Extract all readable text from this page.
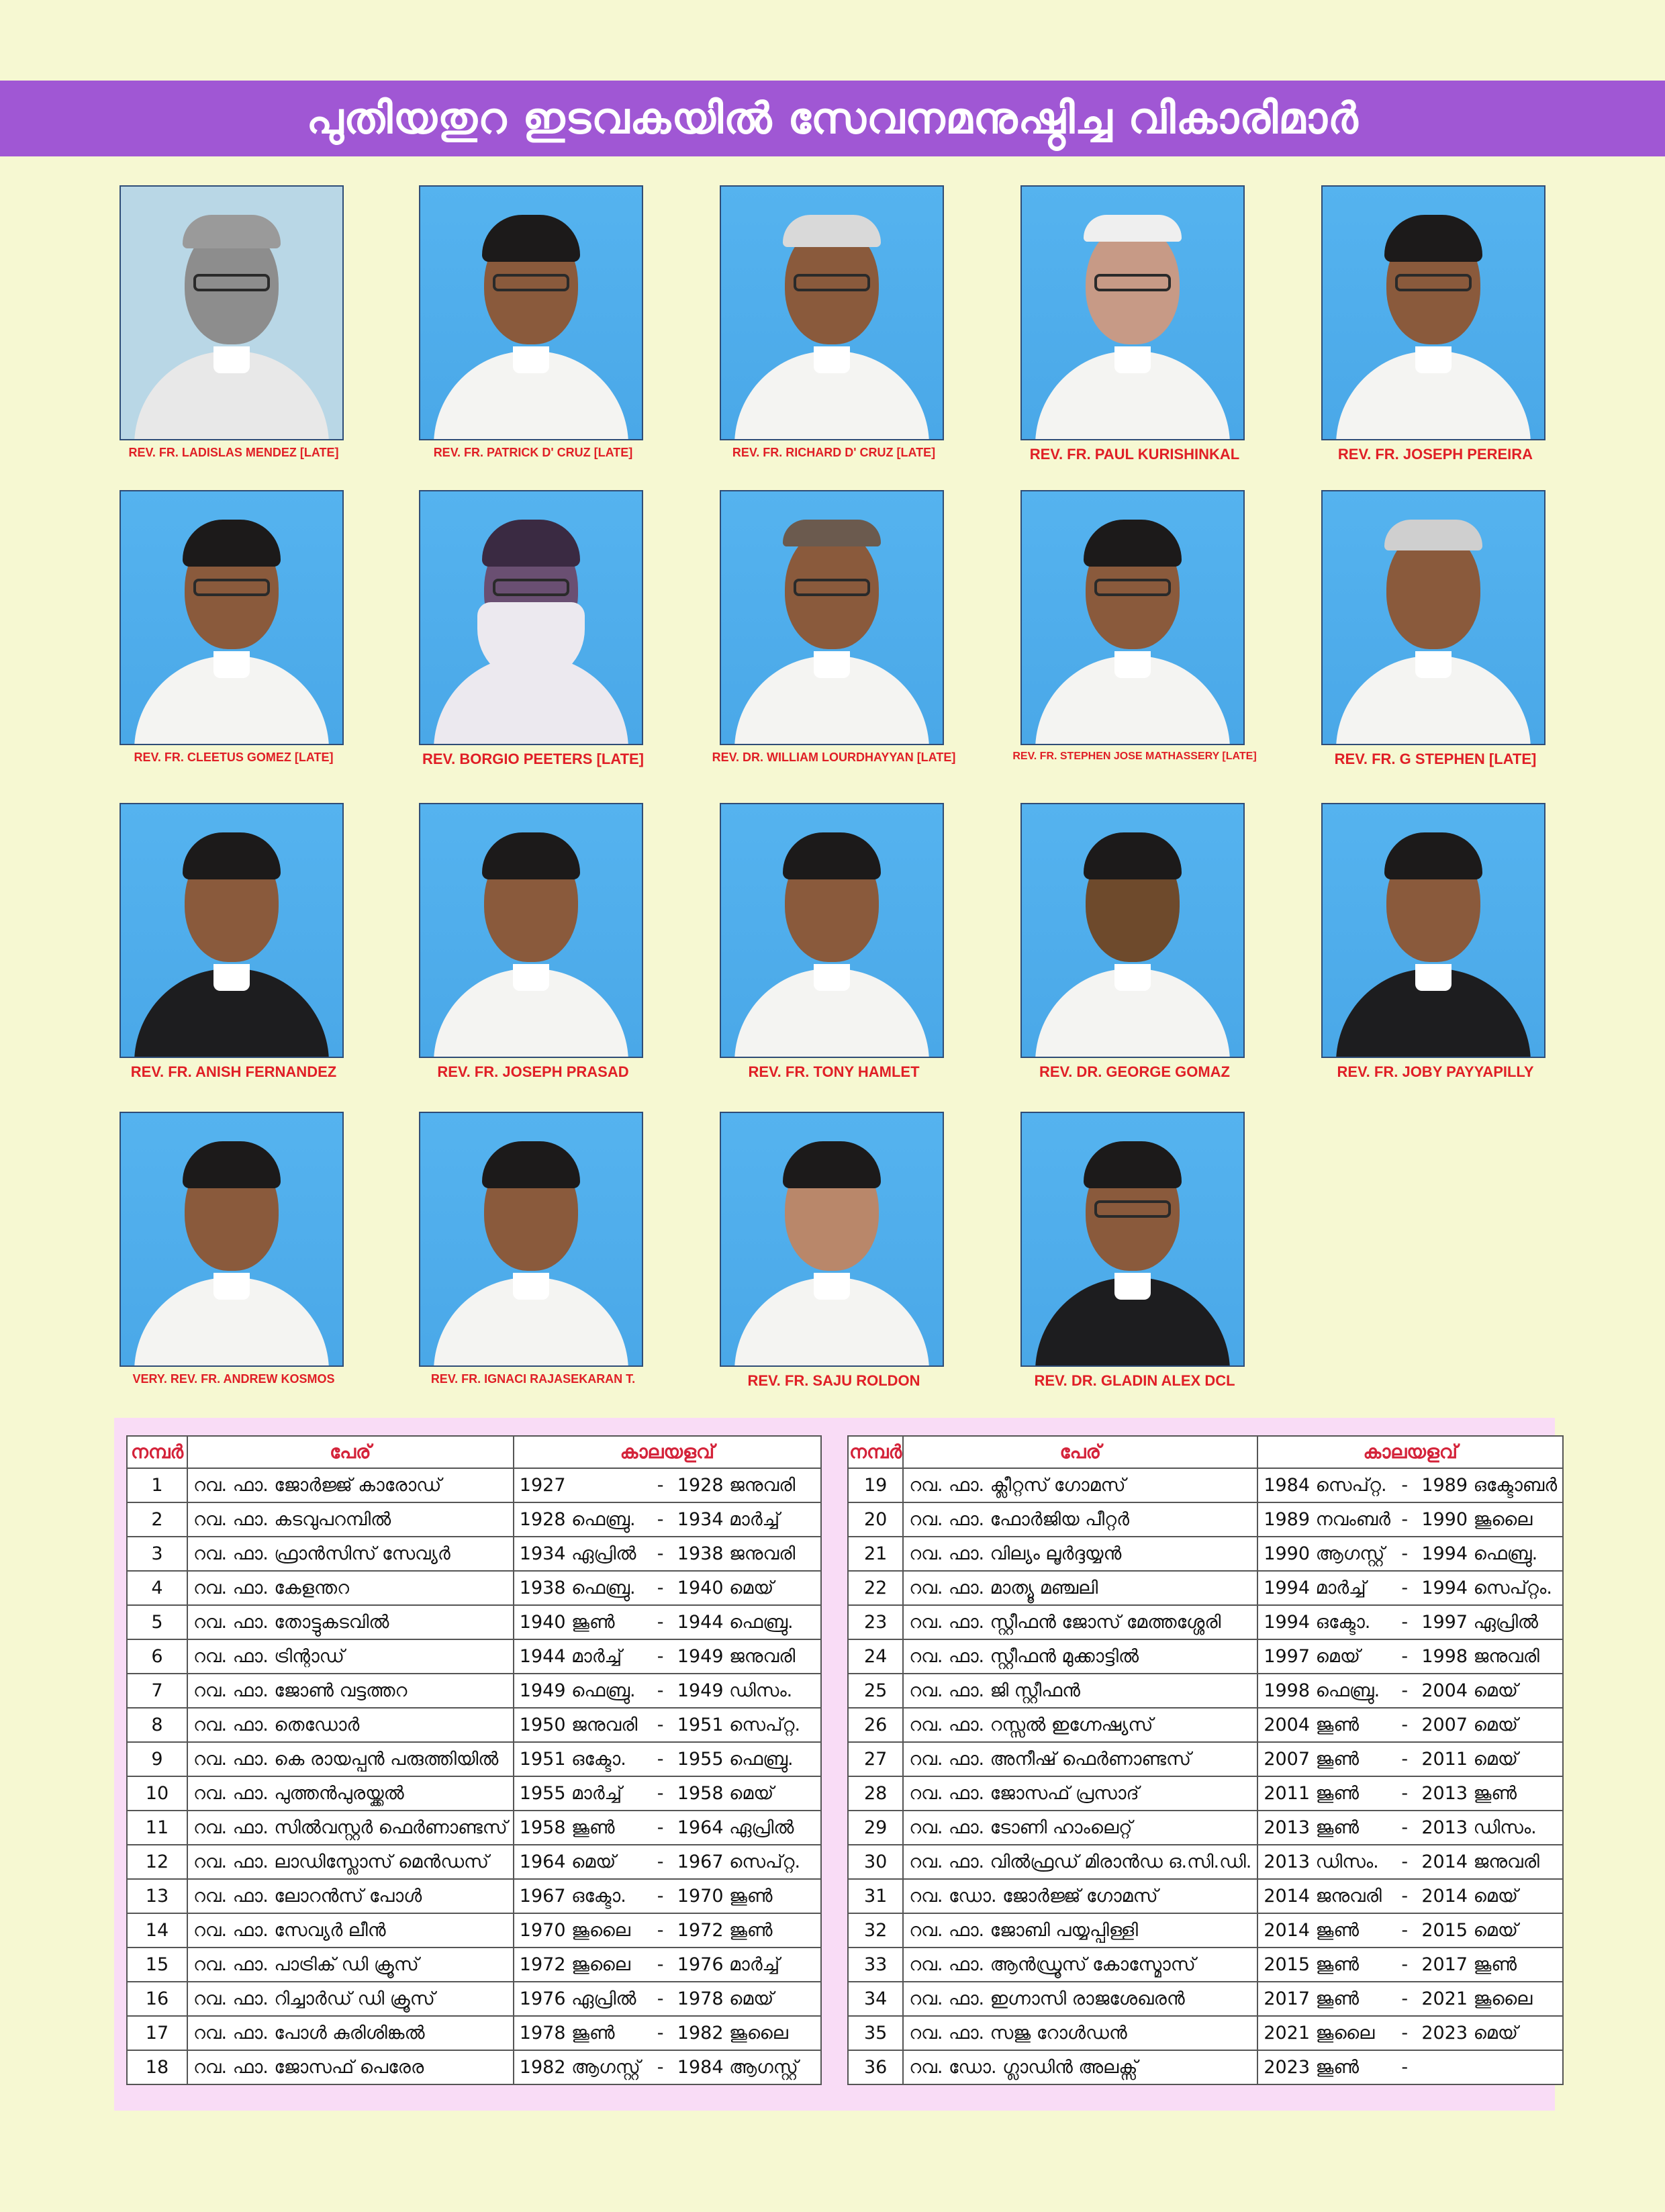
പുതിയതുറ ഇടവകയിൽ സേവനമനുഷ്ഠിച്ച വികാരിമാർ
REV. FR. LADISLAS MENDEZ [LATE]	REV. FR. PATRICK D' CRUZ [LATE]	REV. FR. RICHARD D' CRUZ [LATE]	REV. FR. PAUL KURISHINKAL	REV. FR. JOSEPH PEREIRA
REV. FR. CLEETUS GOMEZ [LATE]	REV. BORGIO PEETERS [LATE]	REV. DR. WILLIAM LOURDHAYYAN [LATE]	REV. FR. STEPHEN JOSE MATHASSERY [LATE]	REV. FR. G STEPHEN [LATE]
REV. FR. ANISH FERNANDEZ	REV. FR. JOSEPH PRASAD	REV. FR. TONY HAMLET	REV. DR. GEORGE GOMAZ	REV. FR. JOBY PAYYAPILLY
VERY. REV. FR. ANDREW KOSMOS	REV. FR. IGNACI RAJASEKARAN T.	REV. FR. SAJU ROLDON	REV. DR. GLADIN ALEX DCL
നമ്പർ	പേര്	കാലയളവ്
1	റവ. ഫാ. ജോർജ്ജ് കാരോഡ്	1927 - 1928 ജനുവരി
2	റവ. ഫാ. കടവുപറമ്പിൽ	1928 ഫെബ്രു. - 1934 മാർച്ച്
3	റവ. ഫാ. ഫ്രാൻസിസ് സേവ്യർ	1934 ഏപ്രിൽ - 1938 ജനുവരി
4	റവ. ഫാ. കേളന്തറ	1938 ഫെബ്രു. - 1940 മെയ്
5	റവ. ഫാ. തോട്ടുകടവിൽ	1940 ജൂൺ - 1944 ഫെബ്രു.
6	റവ. ഫാ. ട്രിന്റാഡ്	1944 മാർച്ച് - 1949 ജനുവരി
7	റവ. ഫാ. ജോൺ വട്ടത്തറ	1949 ഫെബ്രു. - 1949 ഡിസം.
8	റവ. ഫാ. തെഡോർ	1950 ജനുവരി - 1951 സെപ്റ്റ.
9	റവ. ഫാ. കെ രായപ്പൻ പരുത്തിയിൽ	1951 ഒക്ടോ. - 1955 ഫെബ്രു.
10	റവ. ഫാ. പുത്തൻപുരയ്ക്കൽ	1955 മാർച്ച് - 1958 മെയ്
11	റവ. ഫാ. സിൽവസ്റ്റർ ഫെർണാണ്ടസ്	1958 ജൂൺ - 1964 ഏപ്രിൽ
12	റവ. ഫാ. ലാഡിസ്ലോസ് മെൻഡസ്	1964 മെയ് - 1967 സെപ്റ്റ.
13	റവ. ഫാ. ലോറൻസ് പോൾ	1967 ഒക്ടോ. - 1970 ജൂൺ
14	റവ. ഫാ. സേവ്യർ ലീൻ	1970 ജൂലൈ - 1972 ജൂൺ
15	റവ. ഫാ. പാട്രിക് ഡി ക്രൂസ്	1972 ജൂലൈ - 1976 മാർച്ച്
16	റവ. ഫാ. റിച്ചാർഡ് ഡി ക്രൂസ്	1976 ഏപ്രിൽ - 1978 മെയ്
17	റവ. ഫാ. പോൾ കുരിശിങ്കൽ	1978 ജൂൺ - 1982 ജൂലൈ
18	റവ. ഫാ. ജോസഫ് പെരേര	1982 ആഗസ്റ്റ് - 1984 ആഗസ്റ്റ്
നമ്പർ	പേര്	കാലയളവ്
19	റവ. ഫാ. ക്ലീറ്റസ് ഗോമസ്	1984 സെപ്റ്റ. - 1989 ഒക്ടോബർ
20	റവ. ഫാ. ഫോർജിയ പീറ്റർ	1989 നവംബർ - 1990 ജൂലൈ
21	റവ. ഫാ. വില്യം ലൂർദ്ദയ്യൻ	1990 ആഗസ്റ്റ് - 1994 ഫെബ്രു.
22	റവ. ഫാ. മാത്യൂ മഞ്ചലി	1994 മാർച്ച് - 1994 സെപ്റ്റം.
23	റവ. ഫാ. സ്റ്റീഫൻ ജോസ് മേത്തശ്ശേരി	1994 ഒക്ടോ. - 1997 ഏപ്രിൽ
24	റവ. ഫാ. സ്റ്റീഫൻ മുക്കാട്ടിൽ	1997 മെയ് - 1998 ജനുവരി
25	റവ. ഫാ. ജി സ്റ്റീഫൻ	1998 ഫെബ്രു. - 2004 മെയ്
26	റവ. ഫാ. റസ്സൽ ഇഗ്നേഷ്യസ്	2004 ജൂൺ - 2007 മെയ്
27	റവ. ഫാ. അനീഷ് ഫെർണാണ്ടസ്	2007 ജൂൺ - 2011 മെയ്
28	റവ. ഫാ. ജോസഫ് പ്രസാദ്	2011 ജൂൺ - 2013 ജൂൺ
29	റവ. ഫാ. ടോണി ഹാംലെറ്റ്	2013 ജൂൺ - 2013 ഡിസം.
30	റവ. ഫാ. വിൽഫ്രഡ് മിരാൻഡ ഒ.സി.ഡി.	2013 ഡിസം. - 2014 ജനുവരി
31	റവ. ഡോ. ജോർജ്ജ് ഗോമസ്	2014 ജനുവരി - 2014 മെയ്
32	റവ. ഫാ. ജോബി പയ്യപ്പിള്ളി	2014 ജൂൺ - 2015 മെയ്
33	റവ. ഫാ. ആൻഡ്രൂസ് കോസ്മോസ്	2015 ജൂൺ - 2017 ജൂൺ
34	റവ. ഫാ. ഇഗ്നാസി രാജശേഖരൻ	2017 ജൂൺ - 2021 ജൂലൈ
35	റവ. ഫാ. സജു റോൾഡൻ	2021 ജൂലൈ - 2023 മെയ്
36	റവ. ഡോ. ഗ്ലാഡിൻ അലക്സ്	2023 ജൂൺ -
